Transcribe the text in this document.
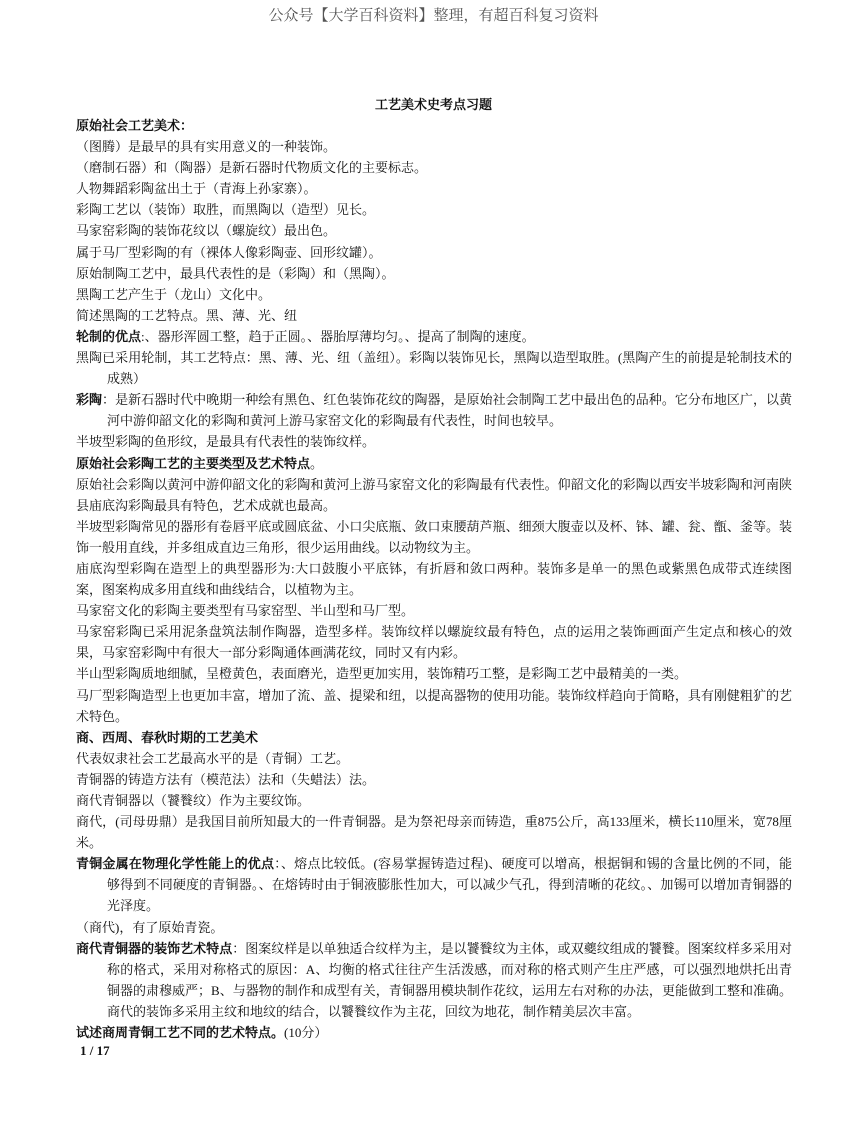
公众号【大学百科资料】整理，有超百科复习资料
工艺美术史考点习题

原始社会工艺美术：

（图腾）是最早的具有实用意义的一种装饰。

（磨制石器）和（陶器）是新石器时代物质文化的主要标志。

人物舞蹈彩陶盆出土于（青海上孙家寨）。

彩陶工艺以（装饰）取胜，而黑陶以（造型）见长。

马家窑彩陶的装饰花纹以（螺旋纹）最出色。

属于马厂型彩陶的有（裸体人像彩陶壶、回形纹罐）。

原始制陶工艺中，最具代表性的是（彩陶）和（黑陶）。

黑陶工艺产生于（龙山）文化中。

简述黑陶的工艺特点。黑、薄、光、纽

轮制的优点:、器形浑圆工整，趋于正圆。、器胎厚薄均匀。、提高了制陶的速度。

黑陶已采用轮制，其工艺特点：黑、薄、光、纽（盖纽）。彩陶以装饰见长，黑陶以造型取胜。(黑陶产生的前提是轮制技术的成熟）

彩陶：是新石器时代中晚期一种绘有黑色、红色装饰花纹的陶器，是原始社会制陶工艺中最出色的品种。它分布地区广，以黄河中游仰韶文化的彩陶和黄河上游马家窑文化的彩陶最有代表性，时间也较早。

半坡型彩陶的鱼形纹，是最具有代表性的装饰纹样。

原始社会彩陶工艺的主要类型及艺术特点。

原始社会彩陶以黄河中游仰韶文化的彩陶和黄河上游马家窑文化的彩陶最有代表性。仰韶文化的彩陶以西安半坡彩陶和河南陕县庙底沟彩陶最具有特色，艺术成就也最高。

半坡型彩陶常见的器形有卷唇平底或圆底盆、小口尖底瓶、敛口束腰葫芦瓶、细颈大腹壶以及杯、钵、罐、瓮、甑、釜等。装饰一般用直线，并多组成直边三角形，很少运用曲线。以动物纹为主。

庙底沟型彩陶在造型上的典型器形为:大口鼓腹小平底钵，有折唇和敛口两种。装饰多是单一的黑色或紫黑色成带式连续图案，图案构成多用直线和曲线结合，以植物为主。

马家窑文化的彩陶主要类型有马家窑型、半山型和马厂型。

马家窑彩陶已采用泥条盘筑法制作陶器，造型多样。装饰纹样以螺旋纹最有特色，点的运用之装饰画面产生定点和核心的效果，马家窑彩陶中有很大一部分彩陶通体画满花纹，同时又有内彩。

半山型彩陶质地细腻，呈橙黄色，表面磨光，造型更加实用，装饰精巧工整，是彩陶工艺中最精美的一类。

马厂型彩陶造型上也更加丰富，增加了流、盖、提梁和纽，以提高器物的使用功能。装饰纹样趋向于简略，具有刚健粗犷的艺术特色。

商、西周、春秋时期的工艺美术

代表奴隶社会工艺最高水平的是（青铜）工艺。

青铜器的铸造方法有（模范法）法和（失蜡法）法。

商代青铜器以（饕餮纹）作为主要纹饰。

商代，(司母毋鼎）是我国目前所知最大的一件青铜器。是为祭祀母亲而铸造，重875公斤，高133厘米，横长110厘米，宽78厘米。

青铜金属在物理化学性能上的优点：、熔点比较低。(容易掌握铸造过程)、硬度可以增高，根据铜和锡的含量比例的不同，能够得到不同硬度的青铜器。、在熔铸时由于铜液膨胀性加大，可以减少气孔，得到清晰的花纹。、加锡可以增加青铜器的光泽度。

（商代)，有了原始青瓷。

商代青铜器的装饰艺术特点：图案纹样是以单独适合纹样为主，是以饕餮纹为主体，或双夔纹组成的饕餮。图案纹样多采用对称的格式，采用对称格式的原因：A、均衡的格式往往产生活泼感，而对称的格式则产生庄严感，可以强烈地烘托出青铜器的肃穆威严；B、与器物的制作和成型有关，青铜器用模块制作花纹，运用左右对称的办法，更能做到工整和准确。商代的装饰多采用主纹和地纹的结合，以饕餮纹作为主花，回纹为地花，制作精美层次丰富。

试述商周青铜工艺不同的艺术特点。(10分）

1 / 17
